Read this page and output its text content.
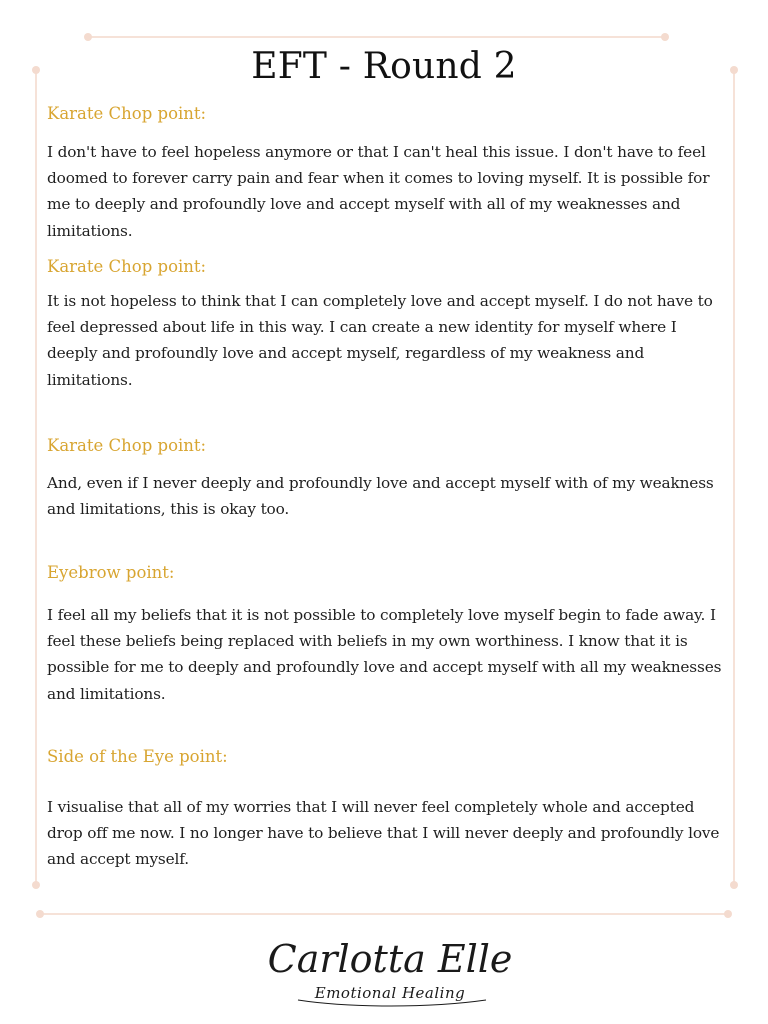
EFT - Round 2
Karate Chop point:

I don't have to feel hopeless anymore or that I can't heal this issue. I don't have to feel doomed to forever carry pain and fear when it comes to loving myself. It is possible for me to deeply and profoundly love and accept myself with all of my weaknesses and limitations.

Karate Chop point:

It is not hopeless to think that I can completely love and accept myself. I do not have to feel depressed about life in this way. I can create a new identity for myself where I deeply and profoundly love and accept myself, regardless of my weakness and limitations.

Karate Chop point:

And, even if I never deeply and profoundly love and accept myself with of my weakness and limitations, this is okay too.

Eyebrow point:

I feel all my beliefs that it is not possible to completely love myself begin to fade away. I feel these beliefs being replaced with beliefs in my own worthiness. I know that it is possible for me to deeply and profoundly love and accept myself with all my weaknesses and limitations.

Side of the Eye point:

I visualise that all of my worries that I will never feel completely whole and accepted drop off me now. I no longer have to believe that I will never deeply and profoundly love and accept myself.

Carlotta Elle
Emotional Healing
